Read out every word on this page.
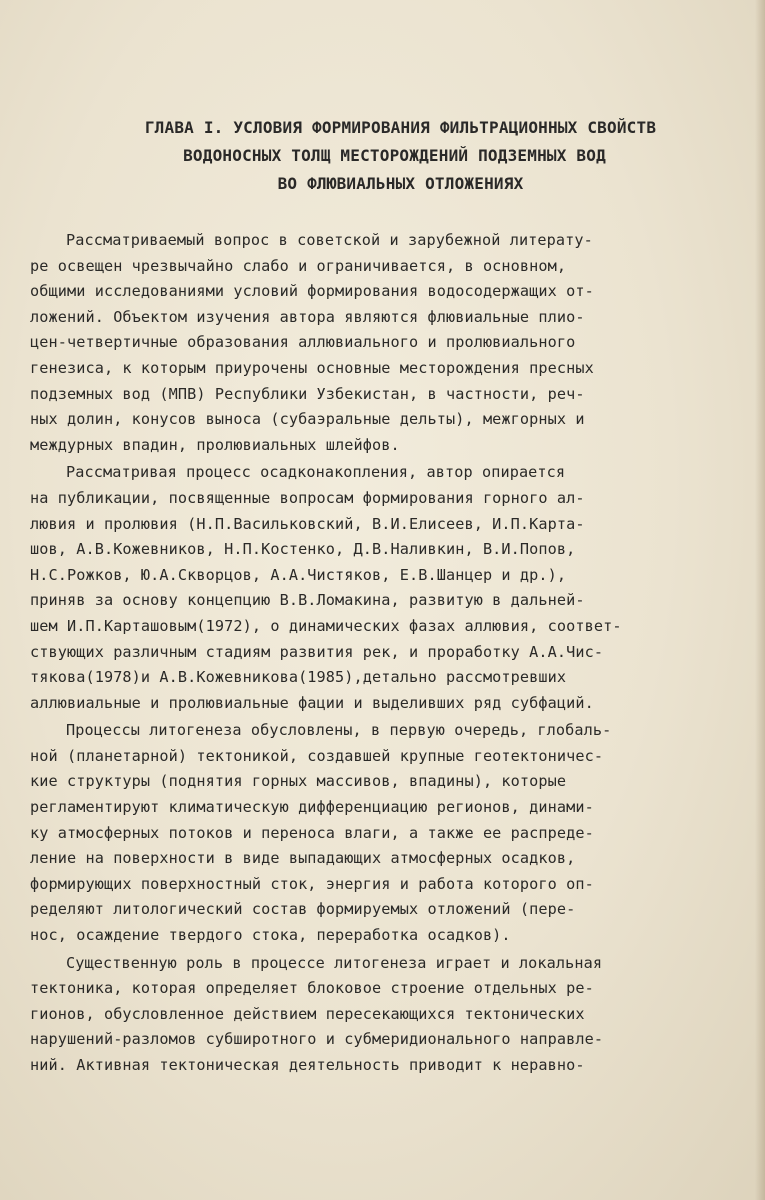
ГЛАВА I. УСЛОВИЯ ФОРМИРОВАНИЯ ФИЛЬТРАЦИОННЫХ СВОЙСТВ
ВОДОНОСНЫХ ТОЛЩ МЕСТОРОЖДЕНИЙ ПОДЗЕМНЫХ ВОД
ВО ФЛЮВИАЛЬНЫХ ОТЛОЖЕНИЯХ
Рассматриваемый вопрос в советской и зарубежной литерату-
ре освещен чрезвычайно слабо и ограничивается, в основном,
общими исследованиями условий формирования водосодержащих от-
ложений. Объектом изучения автора являются флювиальные плио-
цен-четвертичные образования аллювиального и пролювиального
генезиса, к которым приурочены основные месторождения пресных
подземных вод (МПВ) Республики Узбекистан, в частности, реч-
ных долин, конусов выноса (субаэральные дельты), межгорных и
междурных впадин, пролювиальных шлейфов.
Рассматривая процесс осадконакопления, автор опирается
на публикации, посвященные вопросам формирования горного ал-
лювия и пролювия (Н.П.Васильковский, В.И.Елисеев, И.П.Карта-
шов, А.В.Кожевников, Н.П.Костенко, Д.В.Наливкин, В.И.Попов,
Н.С.Рожков, Ю.А.Скворцов, А.А.Чистяков, Е.В.Шанцер и др.),
приняв за основу концепцию В.В.Ломакина, развитую в дальней-
шем И.П.Карташовым(1972), о динамических фазах аллювия, соответ-
ствующих различным стадиям развития рек, и проработку А.А.Чис-
тякова(1978)и А.В.Кожевникова(1985),детально рассмотревших
аллювиальные и пролювиальные фации и выделивших ряд субфаций.
Процессы литогенеза обусловлены, в первую очередь, глобаль-
ной (планетарной) тектоникой, создавшей крупные геотектоничес-
кие структуры (поднятия горных массивов, впадины), которые
регламентируют климатическую дифференциацию регионов, динами-
ку атмосферных потоков и переноса влаги, а также ее распреде-
ление на поверхности в виде выпадающих атмосферных осадков,
формирующих поверхностный сток, энергия и работа которого оп-
ределяют литологический состав формируемых отложений (пере-
нос, осаждение твердого стока, переработка осадков).
Существенную роль в процессе литогенеза играет и локальная
тектоника, которая определяет блоковое строение отдельных ре-
гионов, обусловленное действием пересекающихся тектонических
нарушений-разломов субширотного и субмеридионального направле-
ний. Активная тектоническая деятельность приводит к неравно-
